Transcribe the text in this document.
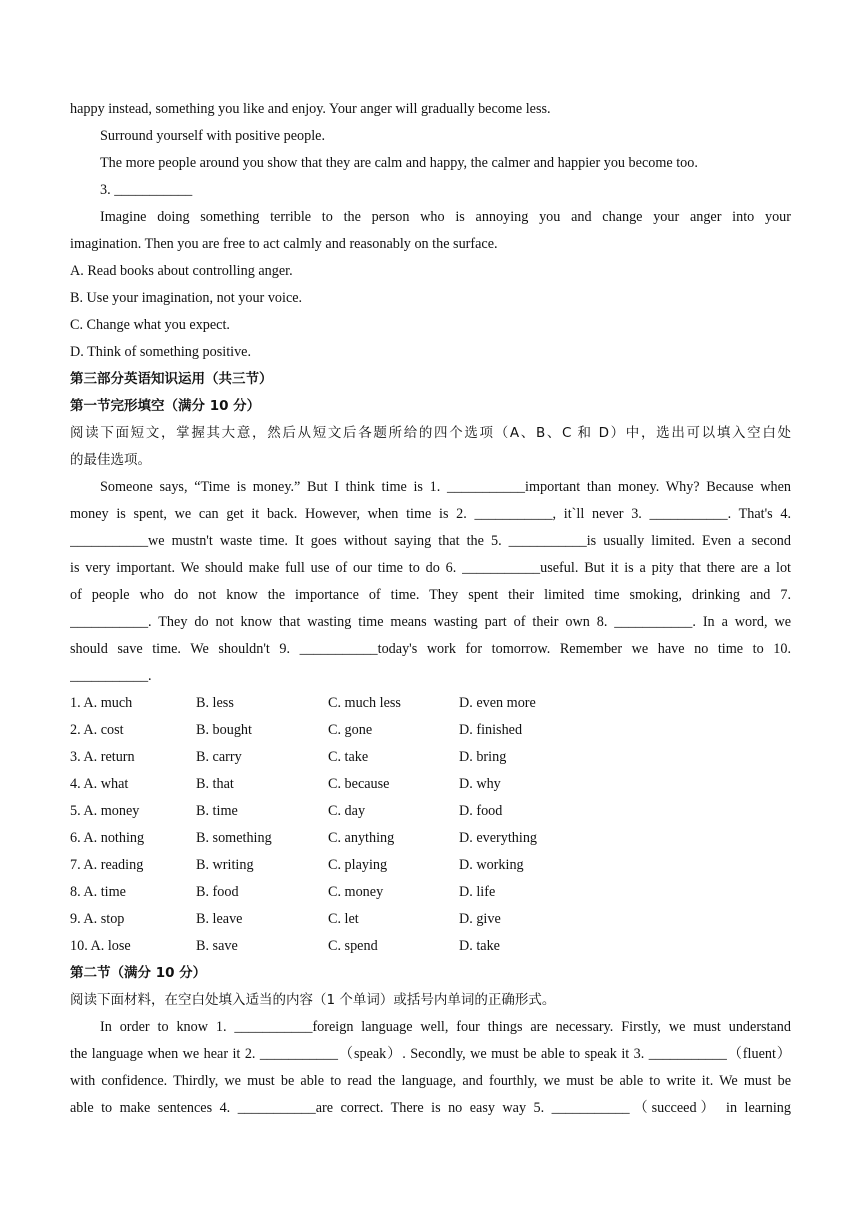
happy instead, something you like and enjoy. Your anger will gradually become less.
Surround yourself with positive people.
The more people around you show that they are calm and happy, the calmer and happier you become too.
3. ___________
Imagine doing something terrible to the person who is annoying you and change your anger into your
imagination. Then you are free to act calmly and reasonably on the surface.
A. Read books about controlling anger.
B. Use your imagination, not your voice.
C. Change what you expect.
D. Think of something positive.
第三部分英语知识运用（共三节）
第一节完形填空（满分 10 分）
阅读下面短文，掌握其大意，然后从短文后各题所给的四个选项（A、B、C 和 D）中，选出可以填入空白处
的最佳选项。
Someone says, “Time is money.” But I think time is 1. ___________important than money. Why? Because when
money is spent, we can get it back. However, when time is 2. ___________, it`ll never 3. ___________. That's 4.
___________we mustn't waste time. It goes without saying that the 5. ___________is usually limited. Even a second
is very important. We should make full use of our time to do 6. ___________useful. But it is a pity that there are a lot
of people who do not know the importance of time. They spent their limited time smoking, drinking and 7.
___________. They do not know that wasting time means wasting part of their own 8. ___________. In a word, we
should save time. We shouldn't 9. ___________today's work for tomorrow. Remember we have no time to 10.
___________.
1. A. much	B. less	C. much less	D. even more
2. A. cost	B. bought	C. gone	D. finished
3. A. return	B. carry	C. take	D. bring
4. A. what	B. that	C. because	D. why
5. A. money	B. time	C. day	D. food
6. A. nothing	B. something	C. anything	D. everything
7. A. reading	B. writing	C. playing	D. working
8. A. time	B. food	C. money	D. life
9. A. stop	B. leave	C. let	D. give
10. A. lose	B. save	C. spend	D. take
第二节（满分 10 分）
阅读下面材料，在空白处填入适当的内容（1 个单词）或括号内单词的正确形式。
In order to know 1. ___________foreign language well, four things are necessary. Firstly, we must understand
the language when we hear it 2. ___________（speak）. Secondly, we must be able to speak it 3. ___________（fluent）
with confidence. Thirdly, we must be able to read the language, and fourthly, we must be able to write it. We must be
able to make sentences 4. ___________are correct. There is no easy way 5. ___________（succeed） in learning
